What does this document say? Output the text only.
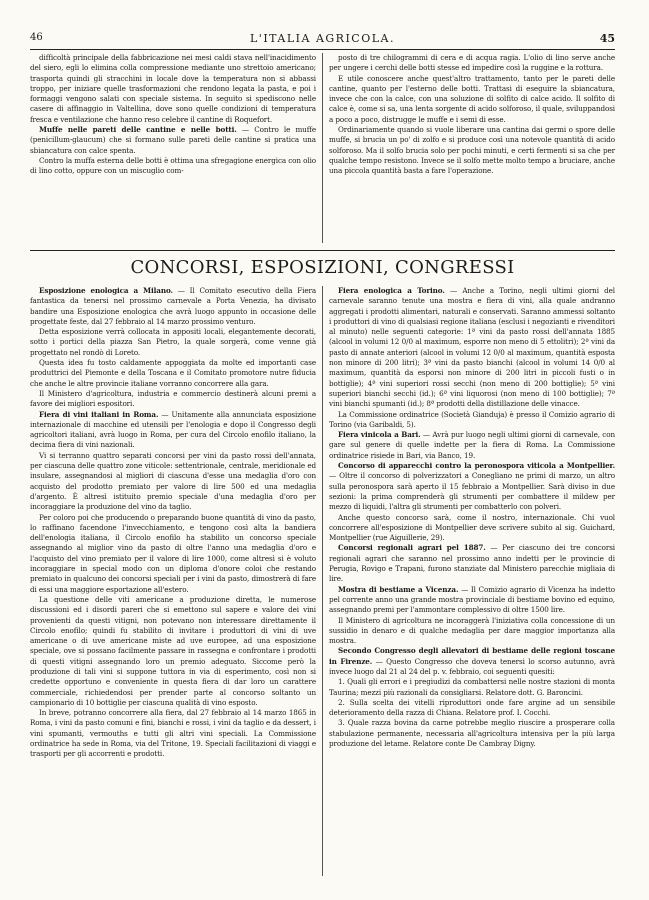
46	L'ITALIA AGRICOLA.	45

difficoltà principale della fabbricazione nei mesi caldi stava nell'inacidimento del siero, egli lo elimina colla compressione mediante uno strettoio americano; trasporta quindi gli stracchini in locale dove la temperatura non si abbassi troppo, per iniziare quelle trasformazioni che rendono legata la pasta, e poi i formaggi vengono salati con speciale sistema. In seguito si spediscono nelle casere di affinaggio in Valtellina, dove sono quelle condizioni di temperatura fresca e ventilazione che hanno reso celebre il cantine di Roquefort.

Muffe nelle pareti delle cantine e nelle botti. — Contro le muffe (penicillum-glaucum) che si formano sulle pareti delle cantine si pratica una sbiancatura con calce spenta.

Contro la muffa esterna delle botti è ottima una sfregagione energica con olio di lino cotto, oppure con un miscuglio com-

posto di tre chilogrammi di cera e di acqua ragia. L'olio di lino serve anche per ungere i cerchi delle botti stesse ed impedire così la ruggine e la rottura.

E utile conoscere anche quest'altro trattamento, tanto per le pareti delle cantine, quanto per l'esterno delle botti. Trattasi di eseguire la sbiancatura, invece che con la calce, con una soluzione di solfito di calce acido. Il solfito di calce è, come si sa, una lenta sorgente di acido solforoso, il quale, sviluppandosi a poco a poco, distrugge le muffe e i semi di esse.

Ordinariamente quando si vuole liberare una cantina dai germi o spore delle muffe, si brucia un po' di zolfo e si produce così una notevole quantità di acido solforoso. Ma il solfo brucia solo per pochi minuti, e certi fermenti si sa che per qualche tempo resistono. Invece se il solfo mette molto tempo a bruciare, anche una piccola quantità basta a fare l'operazione.

CONCORSI, ESPOSIZIONI, CONGRESSI

Esposizione enologica a Milano. — Il Comitato esecutivo della Fiera fantastica da tenersi nel prossimo carnevale a Porta Venezia, ha divisato bandire una Esposizione enologica che avrà luogo appunto in occasione delle progettate feste, dal 27 febbraio al 14 marzo prossimo venturo.

Detta esposizione verrà collocata in appositi locali, elegantemente decorati, sotto i portici della piazza San Pietro, la quale sorgerà, come venne già progettato nel rondò di Loreto.

Questa idea fu tosto caldamente appoggiata da molte ed importanti case produttrici del Piemonte e della Toscana e il Comitato promotore nutre fiducia che anche le altre provincie italiane vorranno concorrere alla gara.

Il Ministero d'agricoltura, industria e commercio destinerà alcuni premi a favore dei migliori espositori.

Fiera di vini italiani in Roma. — Unitamente alla annunciata esposizione internazionale di macchine ed utensili per l'enologia e dopo il Congresso degli agricoltori italiani, avrà luogo in Roma, per cura del Circolo enofilo italiano, la decima fiera di vini nazionali.

Vi si terranno quattro separati concorsi per vini da pasto rossi dell'annata, per ciascuna delle quattro zone viticole: settentrionale, centrale, meridionale ed insulare, assegnandosi al migliori di ciascuna d'esse una medaglia d'oro con acquisto del prodotto premiato per valore di lire 500 ed una medaglia d'argento. È altresì istituito premio speciale d'una medaglia d'oro per incoraggiare la produzione del vino da taglio.

Per coloro poi che producendo o preparando buone quantità di vino da pasto, lo raffinano facendone l'invecchiamento, e tengono così alta la bandiera dell'enologia italiana, il Circolo enofilo ha stabilito un concorso speciale assegnando al miglior vino da pasto di oltre l'anno una medaglia d'oro e l'acquisto del vino premiato per il valore di lire 1000, come altresì si è voluto incoraggiare in special modo con un diploma d'onore coloi che restando premiato in qualcuno dei concorsi speciali per i vini da pasto, dimostrerà di fare di essi una maggiore esportazione all'estero.

La questione delle viti americane a produzione diretta, le numerose discussioni ed i disordi pareri che si emettono sul sapere e valore dei vini provenienti da questi vitigni, non potevano non interessare direttamente il Circolo enofilo; quindi fu stabilito di invitare i produttori di vini di uve americane o di uve americane miste ad uve europee, ad una esposizione speciale, ove si possano facilmente passare in rassegna e confrontare i prodotti di questi vitigni assegnando loro un premio adeguato. Siccome però la produzione di tali vini si suppone tuttora in via di esperimento, così non si credette opportuno e conveniente in questa fiera di dar loro un carattere commerciale, richiedendosi per prender parte al concorso soltanto un campionario di 10 bottiglie per ciascuna qualità di vino esposto.

In breve, potranno concorrere alla fiera, dal 27 febbraio al 14 marzo 1865 in Roma, i vini da pasto comuni e fini, bianchi e rossi, i vini da taglio e da dessert, i vini spumanti, vermouths e tutti gli altri vini speciali. La Commissione ordinatrice ha sede in Roma, via del Tritone, 19. Speciali facilitazioni di viaggi e trasporti per gli accorrenti e prodotti.

Fiera enologica a Torino. — Anche a Torino, negli ultimi giorni del carnevale saranno tenute una mostra e fiera di vini, alla quale andranno aggregati i prodotti alimentari, naturali e conservati. Saranno ammessi soltanto i produttori di vino di qualsiasi regione italiana (esclusi i negozianti e rivenditori al minuto) nelle seguenti categorie: 1ª vini da pasto rossi dell'annata 1885 (alcool in volumi 12 0/0 al maximum, esporre non meno di 5 ettolitri); 2ª vini da pasto di annate anteriori (alcool in volumi 12 0/0 al maximum, quantità esposta non minore di 200 litri); 3ª vini da pasto bianchi (alcool in volumi 14 0/0 al maximum, quantità da esporsi non minore di 200 litri in piccoli fusti o in bottiglie); 4ª vini superiori rossi secchi (non meno di 200 bottiglie); 5ª vini superiori bianchi secchi (id.); 6ª vini liquorosi (non meno di 100 bottiglie); 7ª vini bianchi spumanti (id.); 8ª prodotti della distillazione delle vinacce.

La Commissione ordinatrice (Società Gianduja) è presso il Comizio agrario di Torino (via Garibaldi, 5).

Fiera vinicola a Bari. — Avrà pur luogo negli ultimi giorni di carnevale, con gare sul genere di quelle indette per la fiera di Roma. La Commissione ordinatrice risiede in Bari, via Banco, 19.

Concorso di apparecchi contro la peronospora viticola a Montpellier. — Oltre il concorso di polverizzatori a Conegliano ne primi di marzo, un altro sulla peronospora sarà aperto il 15 febbraio a Montpellier. Sarà diviso in due sezioni: la prima comprenderà gli strumenti per combattere il mildew per mezzo di liquidi, l'altra gli strumenti per combatterlo con polveri.

Anche questo concorso sarà, come il nostro, internazionale. Chi vuol concorrere all'esposizione di Montpellier deve scrivere subito al sig. Guichard, Montpellier (rue Aiguillerie, 29).

Concorsi regionali agrari pel 1887. — Per ciascuno dei tre concorsi regionali agrari che saranno nel prossimo anno indetti per le provincie di Perugia, Rovigo e Trapani, furono stanziate dal Ministero parecchie migliaia di lire.

Mostra di bestiame a Vicenza. — Il Comizio agrario di Vicenza ha indetto pel corrente anno una grande mostra provinciale di bestiame bovino ed equino, assegnando premi per l'ammontare complessivo di oltre 1500 lire.

Il Ministero di agricoltura ne incoraggerà l'iniziativa colla concessione di un sussidio in denaro e di qualche medaglia per dare maggior importanza alla mostra.

Secondo Congresso degli allevatori di bestiame delle regioni toscane in Firenze. — Questo Congresso che doveva tenersi lo scorso autunno, avrà invece luogo dal 21 al 24 del p. v. febbraio, coi seguenti quesiti:

1. Quali gli errori e i pregiudizi da combattersi nelle nostre stazioni di monta Taurina; mezzi più razionali da consigliarsi. Relatore dott. G. Baroncini.

2. Sulla scelta dei vitelli riproduttori onde fare argine ad un sensibile deterioramento della razza di Chiana. Relatore prof. I. Cocchi.

3. Quale razza bovina da carne potrebbe meglio riuscire a prosperare colla stabulazione permanente, necessaria all'agricoltura intensiva per la più larga produzione del letame. Relatore conte De Cambray Digny.
